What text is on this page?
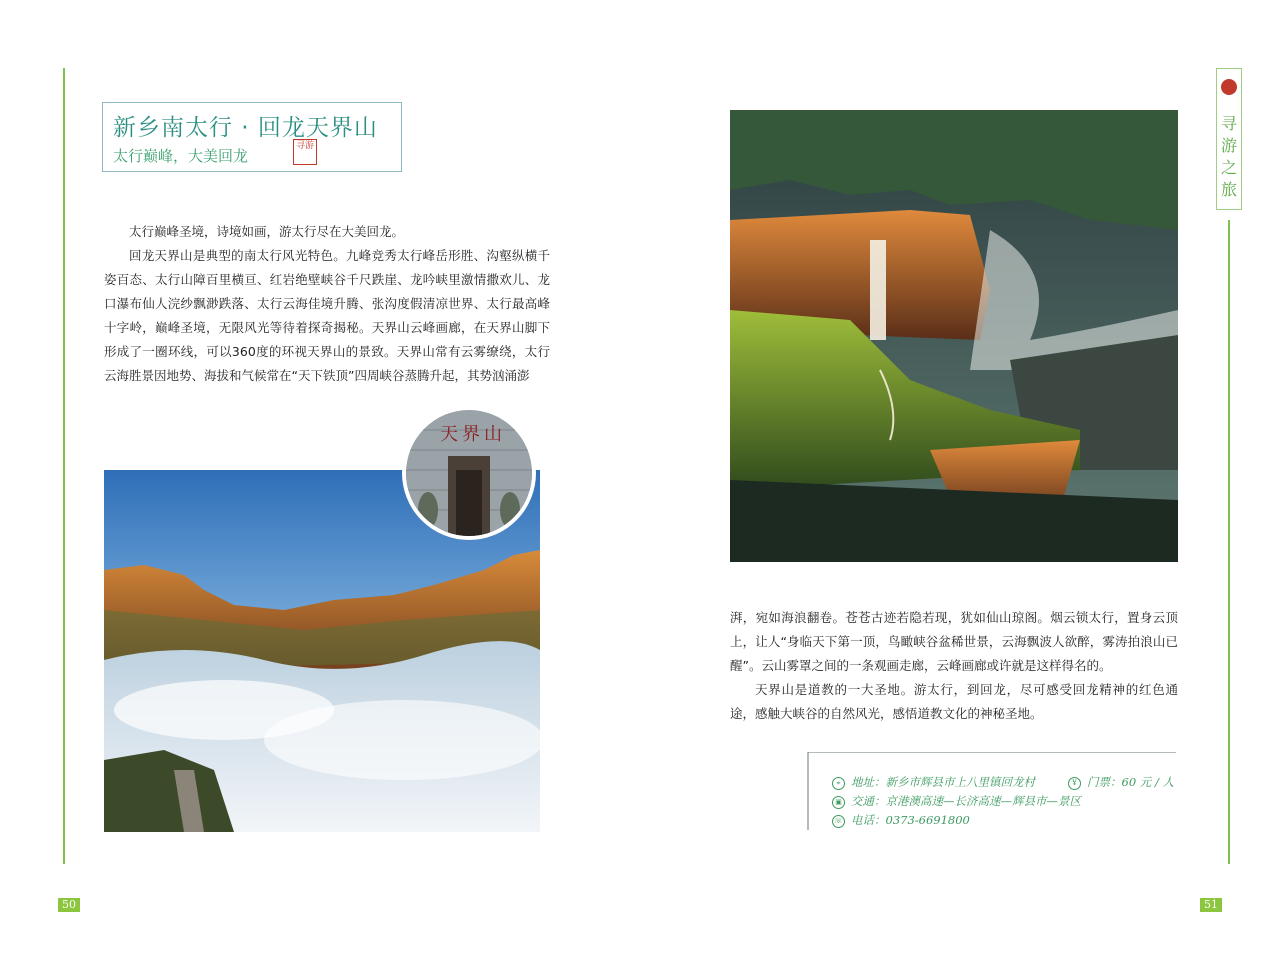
新乡南太行 · 回龙天界山
太行巅峰，大美回龙
寻游

太行巅峰圣境，诗境如画，游太行尽在大美回龙。

回龙天界山是典型的南太行风光特色。九峰竞秀太行峰岳形胜、沟壑纵横千姿百态、太行山障百里横亘、红岩绝壁峡谷千尺跌崖、龙吟峡里激情撒欢儿、龙口瀑布仙人浣纱飘渺跌落、太行云海佳境升腾、张沟度假清凉世界、太行最高峰十字岭，巅峰圣境，无限风光等待着探奇揭秘。天界山云峰画廊，在天界山脚下形成了一圈环线，可以360度的环视天界山的景致。天界山常有云雾缭绕，太行云海胜景因地势、海拔和气候常在“天下铁顶”四周峡谷蒸腾升起，其势汹涌澎

天界山
50
寻游之旅

湃，宛如海浪翻卷。苍苍古迹若隐若现，犹如仙山琼阁。烟云锁太行，置身云顶上，让人“身临天下第一顶，鸟瞰峡谷盆稀世景，云海飘波人欲醉，雾涛拍浪山已醒”。云山雾罩之间的一条观画走廊，云峰画廊或许就是这样得名的。

天界山是道教的一大圣地。游太行，到回龙，尽可感受回龙精神的红色通途，感触大峡谷的自然风光，感悟道教文化的神秘圣地。

⌖ 地址：新乡市辉县市上八里镇回龙村	¥ 门票：60 元 / 人
▣ 交通：京港澳高速—长济高速—辉县市—景区
☏ 电话：0373-6691800
51
